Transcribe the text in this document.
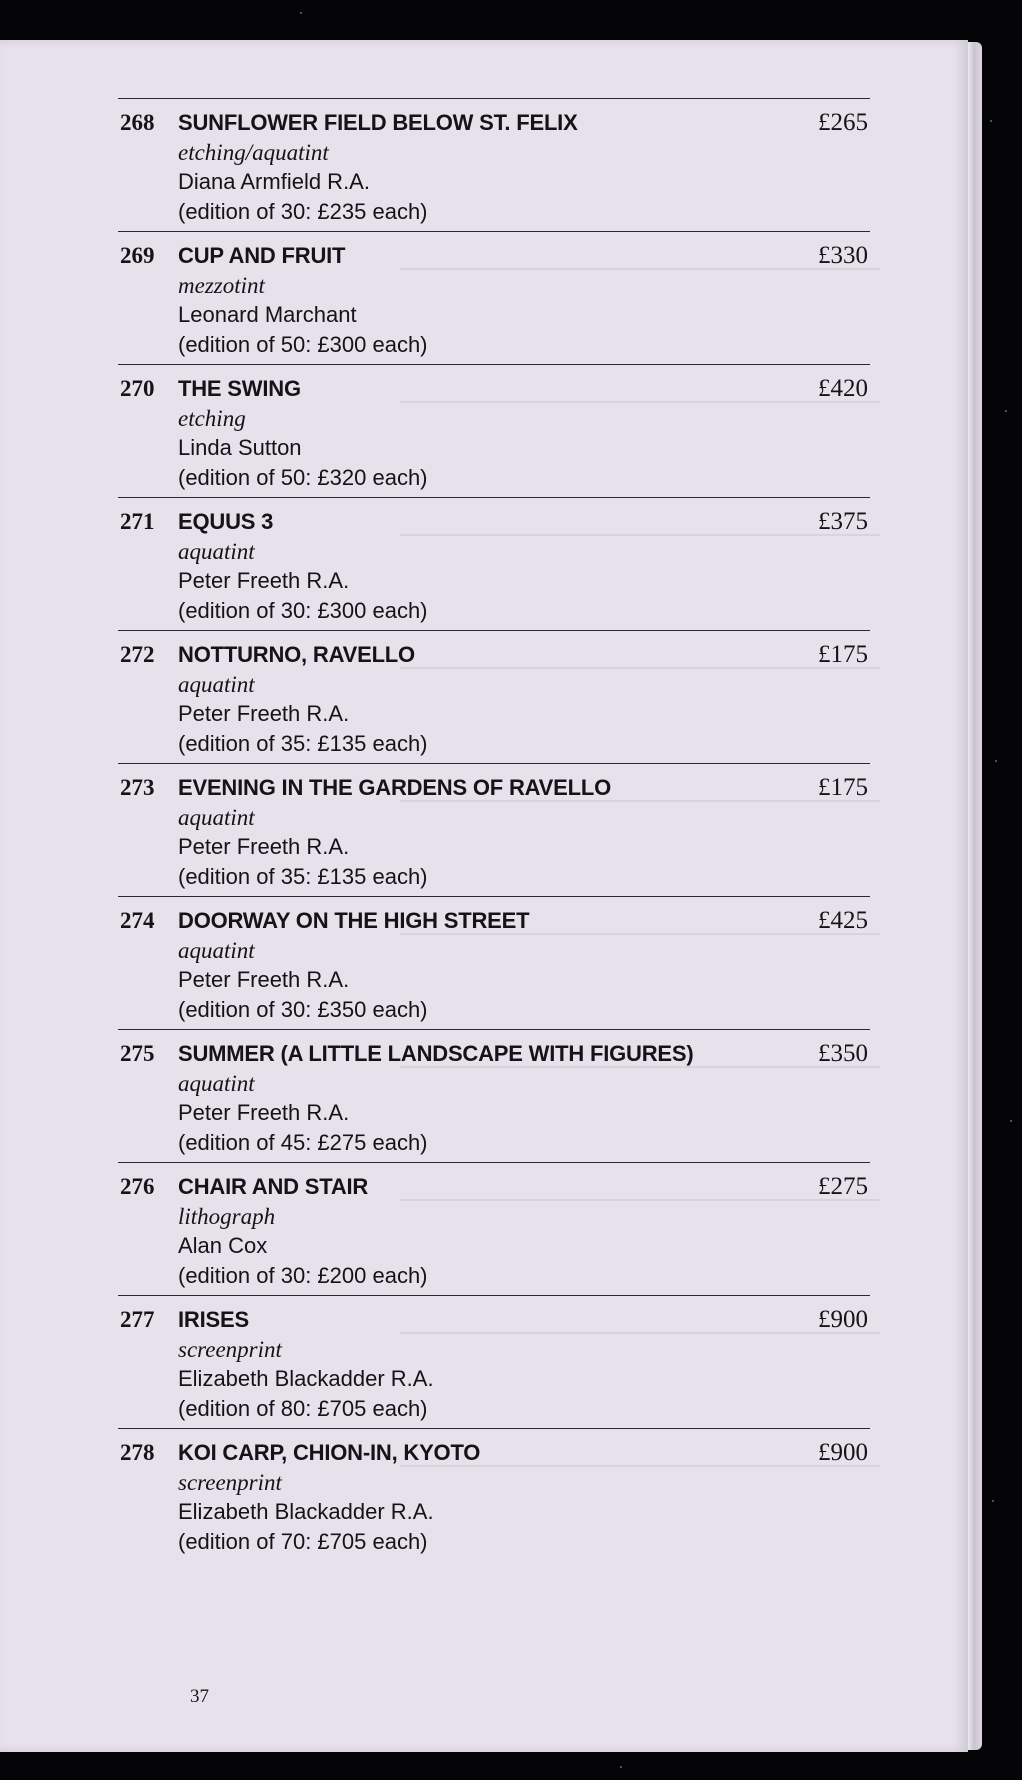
268	SUNFLOWER FIELD BELOW ST. FELIX
etching/aquatint
Diana Armfield R.A.
(edition of 30: £235 each)
£265
269	CUP AND FRUIT
mezzotint
Leonard Marchant
(edition of 50: £300 each)
£330
270	THE SWING
etching
Linda Sutton
(edition of 50: £320 each)
£420
271	EQUUS 3
aquatint
Peter Freeth R.A.
(edition of 30: £300 each)
£375
272	NOTTURNO, RAVELLO
aquatint
Peter Freeth R.A.
(edition of 35: £135 each)
£175
273	EVENING IN THE GARDENS OF RAVELLO
aquatint
Peter Freeth R.A.
(edition of 35: £135 each)
£175
274	DOORWAY ON THE HIGH STREET
aquatint
Peter Freeth R.A.
(edition of 30: £350 each)
£425
275	SUMMER (A LITTLE LANDSCAPE WITH FIGURES)
aquatint
Peter Freeth R.A.
(edition of 45: £275 each)
£350
276	CHAIR AND STAIR
lithograph
Alan Cox
(edition of 30: £200 each)
£275
277	IRISES
screenprint
Elizabeth Blackadder R.A.
(edition of 80: £705 each)
£900
278	KOI CARP, CHION-IN, KYOTO
screenprint
Elizabeth Blackadder R.A.
(edition of 70: £705 each)
£900
37
